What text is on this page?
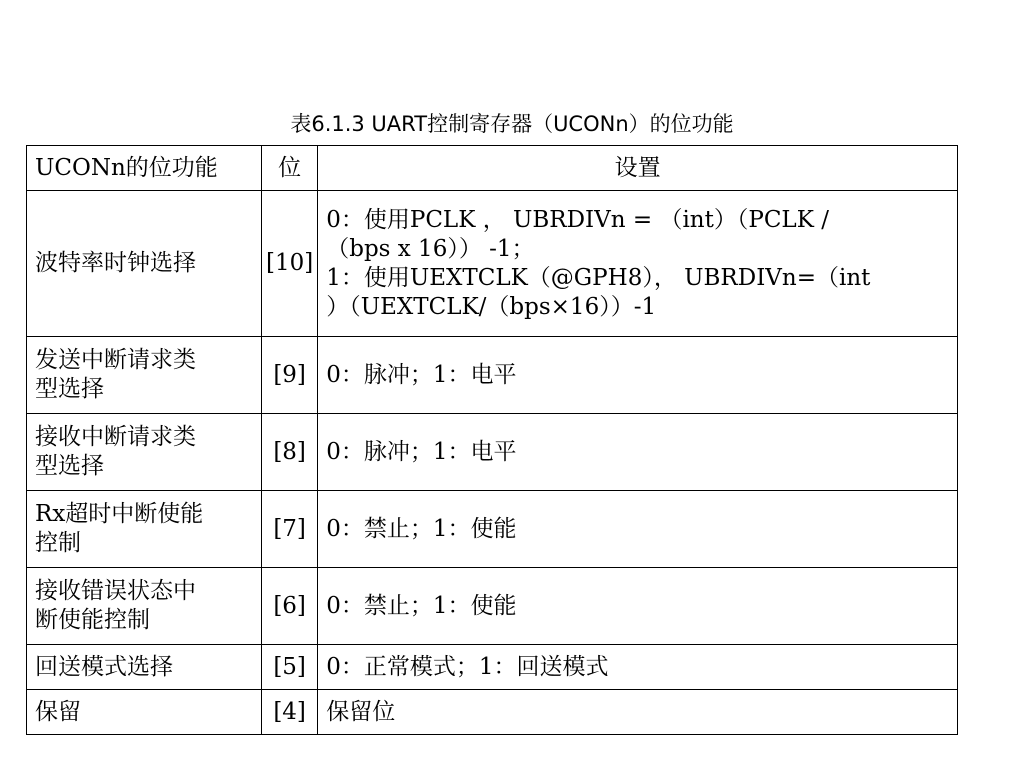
表6.1.3 UART控制寄存器（UCONn）的位功能
UCONn的位功能	位	设置
波特率时钟选择	[10]	0：使用PCLK ， UBRDIVn = （int）（PCLK /
（bps x 16）） -1；
1：使用UEXTCLK（@GPH8）， UBRDIVn=（int
）（UEXTCLK/（bps×16））-1

发送中断请求类
型选择	[9]	0：脉冲；1：电平

接收中断请求类
型选择	[8]	0：脉冲；1：电平

Rx超时中断使能
控制	[7]	0：禁止；1：使能

接收错误状态中
断使能控制	[6]	0：禁止；1：使能
回送模式选择	[5]	0：正常模式；1：回送模式
保留	[4]	保留位
